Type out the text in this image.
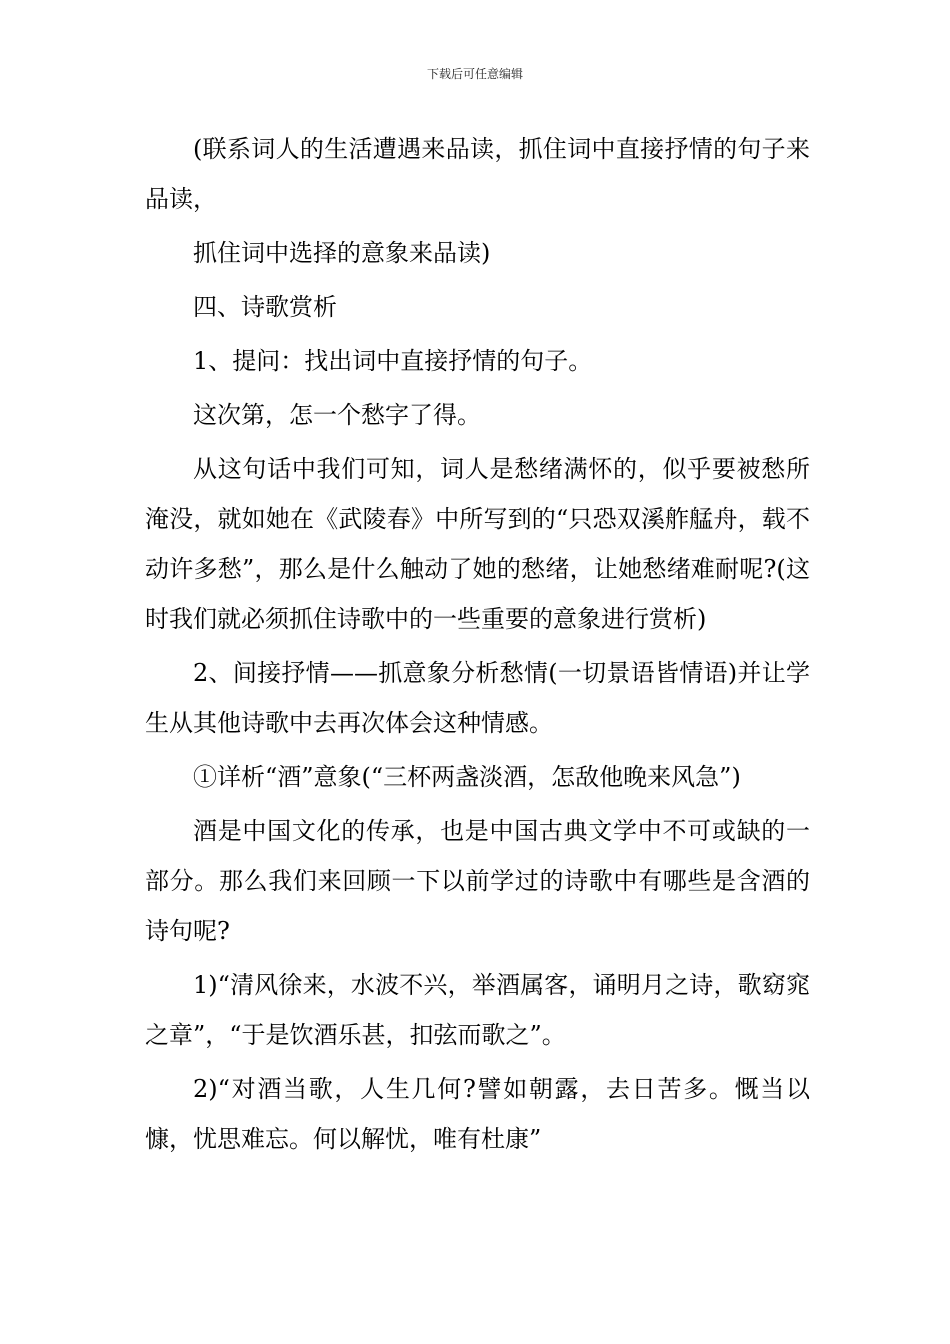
下载后可任意编辑

(联系词人的生活遭遇来品读，抓住词中直接抒情的句子来品读，

抓住词中选择的意象来品读)

四、诗歌赏析

1、提问：找出词中直接抒情的句子。

这次第，怎一个愁字了得。

从这句话中我们可知，词人是愁绪满怀的，似乎要被愁所淹没，就如她在《武陵春》中所写到的“只恐双溪舴艋舟，载不动许多愁”，那么是什么触动了她的愁绪，让她愁绪难耐呢?(这时我们就必须抓住诗歌中的一些重要的意象进行赏析)

2、间接抒情——抓意象分析愁情(一切景语皆情语)并让学生从其他诗歌中去再次体会这种情感。

①详析“酒”意象(“三杯两盏淡酒，怎敌他晚来风急”)

酒是中国文化的传承，也是中国古典文学中不可或缺的一部分。那么我们来回顾一下以前学过的诗歌中有哪些是含酒的诗句呢?

1)“清风徐来，水波不兴，举酒属客，诵明月之诗，歌窈窕之章”，“于是饮酒乐甚，扣弦而歌之”。

2)“对酒当歌，人生几何?譬如朝露，去日苦多。慨当以慷，忧思难忘。何以解忧，唯有杜康”
